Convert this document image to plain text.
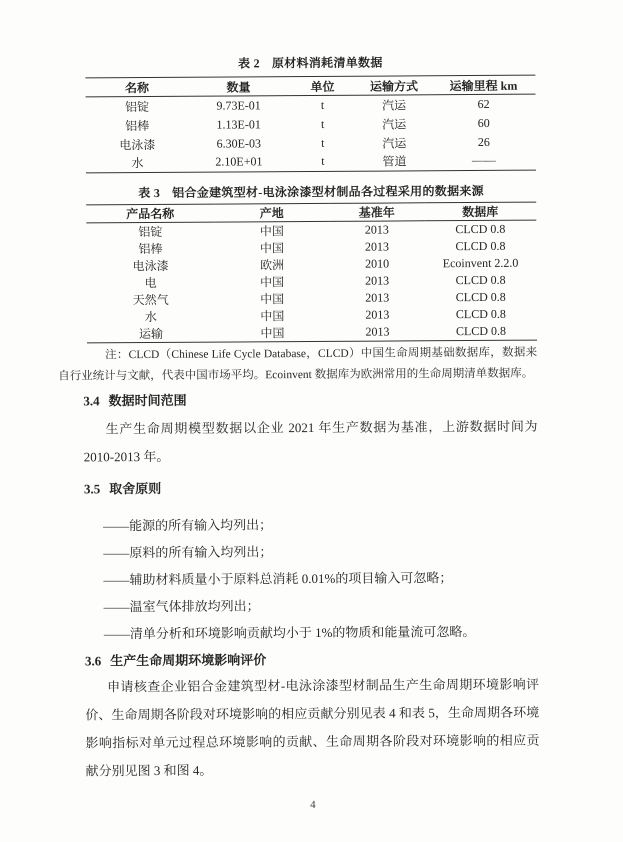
表 2 原材料消耗清单数据
名称	数量	单位	运输方式	运输里程 km
铝锭	9.73E-01	t	汽运	62
铝棒	1.13E-01	t	汽运	60
电泳漆	6.30E-03	t	汽运	26
水	2.10E+01	t	管道	——
表 3 铝合金建筑型材-电泳涂漆型材制品各过程采用的数据来源
产品名称	产地	基准年	数据库
铝锭	中国	2013	CLCD 0.8
铝棒	中国	2013	CLCD 0.8
电泳漆	欧洲	2010	Ecoinvent 2.2.0
电	中国	2013	CLCD 0.8
天然气	中国	2013	CLCD 0.8
水	中国	2013	CLCD 0.8
运输	中国	2013	CLCD 0.8

注：CLCD（Chinese Life Cycle Database，CLCD）中国生命周期基础数据库，数据来自行业统计与文献，代表中国市场平均。Ecoinvent 数据库为欧洲常用的生命周期清单数据库。

3.4 数据时间范围

生产生命周期模型数据以企业 2021 年生产数据为基准，上游数据时间为 2010-2013 年。

3.5 取舍原则

——能源的所有输入均列出；

——原料的所有输入均列出；

——辅助材料质量小于原料总消耗 0.01%的项目输入可忽略；

——温室气体排放均列出；

——清单分析和环境影响贡献均小于 1%的物质和能量流可忽略。

3.6 生产生命周期环境影响评价

申请核查企业铝合金建筑型材-电泳涂漆型材制品生产生命周期环境影响评价、生命周期各阶段对环境影响的相应贡献分别见表 4 和表 5，生命周期各环境影响指标对单元过程总环境影响的贡献、生命周期各阶段对环境影响的相应贡献分别见图 3 和图 4。

4
